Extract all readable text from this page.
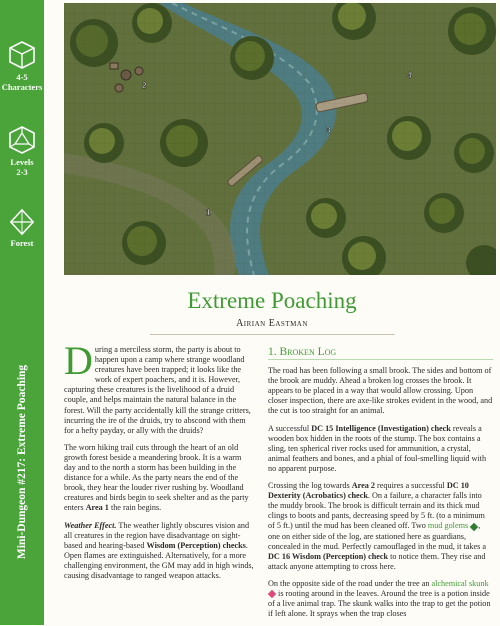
4-5 Characters
Levels 2-3
Forest
Mini-Dungeon #217: Extreme Poaching
1
2
3
4
Extreme Poaching
Airian Eastman

During a merciless storm, the party is about to happen upon a camp where strange woodland creatures have been trapped; it looks like the work of expert poachers, and it is. However, capturing these creatures is the livelihood of a druid couple, and helps maintain the natural balance in the forest. Will the party accidentally kill the strange critters, incurring the ire of the druids, try to abscond with them for a hefty payday, or ally with the druids?

The worn hiking trail cuts through the heart of an old growth forest beside a meandering brook. It is a warm day and to the north a storm has been building in the distance for a while. As the party nears the end of the brook, they hear the louder river rushing by. Woodland creatures and birds begin to seek shelter and as the party enters Area 1 the rain begins.

Weather Effect. The weather lightly obscures vision and all creatures in the region have disadvantage on sight-based and hearing-based Wisdom (Perception) checks. Open flames are extinguished. Alternatively, for a more challenging environment, the GM may add in high winds, causing disadvantage to ranged weapon attacks.

1. Broken Log

The road has been following a small brook. The sides and bottom of the brook are muddy. Ahead a broken log crosses the brook. It appears to be placed in a way that would allow crossing. Upon closer inspection, there are axe-like strokes evident in the wood, and the cut is too straight for an animal.

A successful DC 15 Intelligence (Investigation) check reveals a wooden box hidden in the roots of the stump. The box contains a sling, ten spherical river rocks used for ammunition, a crystal, animal feathers and bones, and a phial of foul-smelling liquid with no apparent purpose.

Crossing the log towards Area 2 requires a successful DC 10 Dexterity (Acrobatics) check. On a failure, a character falls into the muddy brook. The brook is difficult terrain and its thick mud clings to boots and pants, decreasing speed by 5 ft. (to a minimum of 5 ft.) until the mud has been cleaned off. Two mud golems , one on either side of the log, are stationed here as guardians, concealed in the mud. Perfectly camouflaged in the mud, it takes a DC 16 Wisdom (Perception) check to notice them. They rise and attack anyone attempting to cross here.

On the opposite side of the road under the tree an alchemical skunk  is rooting around in the leaves. Around the tree is a potion inside of a live animal trap. The skunk walks into the trap to get the potion if left alone. It sprays when the trap closes
